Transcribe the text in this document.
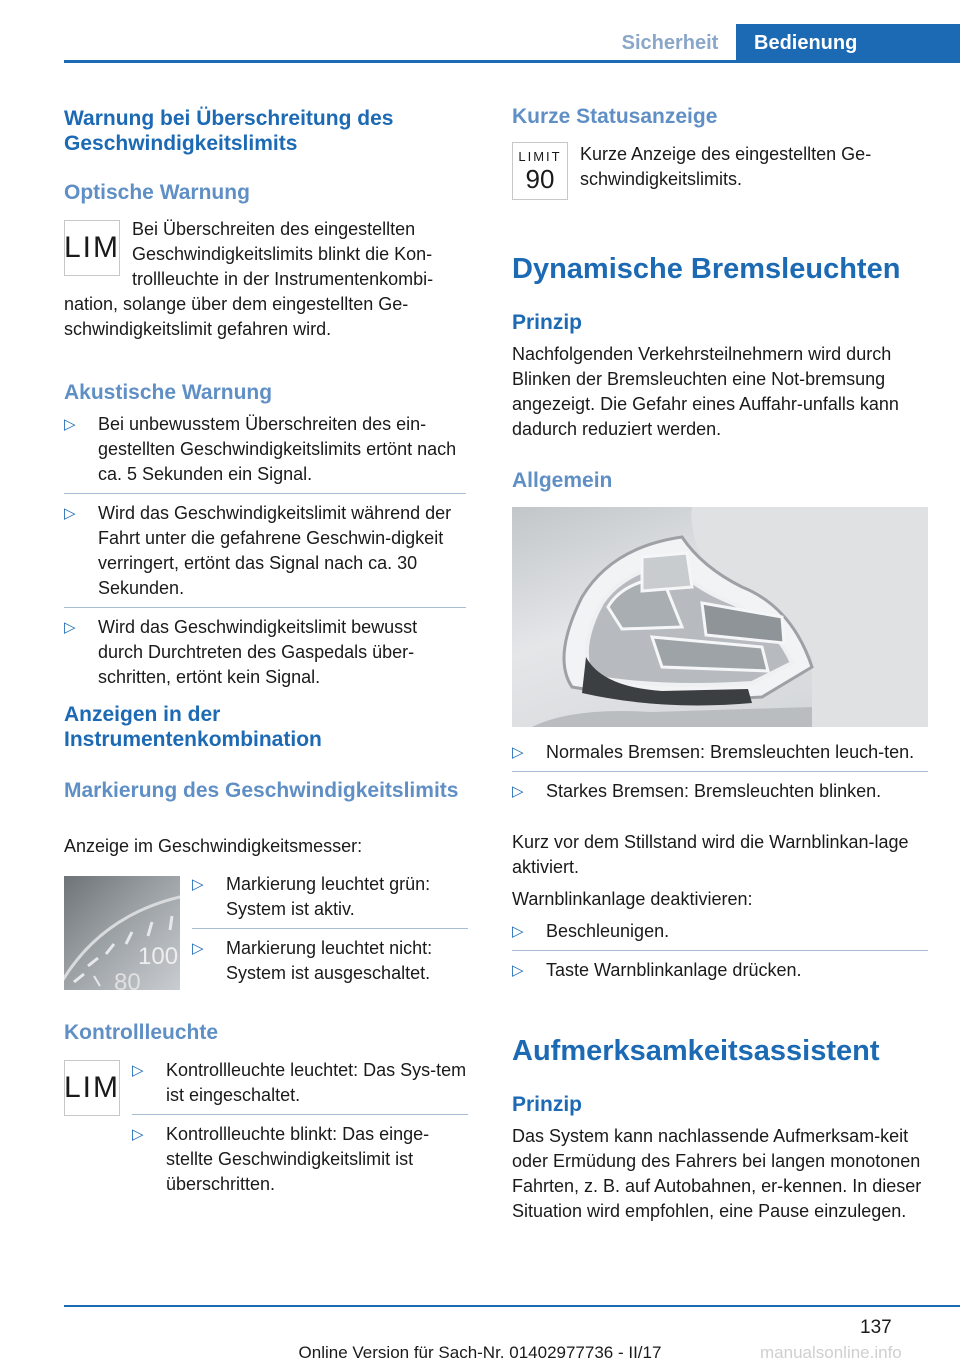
Sicherheit	Bedienung
Warnung bei Überschreitung des Geschwindigkeitslimits
Optische Warnung
LIM
Bei Überschreiten des eingestellten Geschwindigkeitslimits blinkt die Kon-trollleuchte in der Instrumentenkombi-
nation, solange über dem eingestellten Ge-schwindigkeitslimit gefahren wird.
Akustische Warnung
▷ Bei unbewusstem Überschreiten des ein-gestellten Geschwindigkeitslimits ertönt nach ca. 5 Sekunden ein Signal.
▷ Wird das Geschwindigkeitslimit während der Fahrt unter die gefahrene Geschwin-digkeit verringert, ertönt das Signal nach ca. 30 Sekunden.
▷ Wird das Geschwindigkeitslimit bewusst durch Durchtreten des Gaspedals über-schritten, ertönt kein Signal.
Anzeigen in der Instrumentenkombination
Markierung des Geschwindigkeitslimits
Anzeige im Geschwindigkeitsmesser:
100
80
▷ Markierung leuchtet grün: System ist aktiv.
▷ Markierung leuchtet nicht: System ist ausgeschaltet.
Kontrollleuchte
LIM
▷ Kontrollleuchte leuchtet: Das Sys-tem ist eingeschaltet.
▷ Kontrollleuchte blinkt: Das einge-stellte Geschwindigkeitslimit ist überschritten.
Kurze Statusanzeige
LIMIT
90
Kurze Anzeige des eingestellten Ge-schwindigkeitslimits.
Dynamische Bremsleuchten
Prinzip
Nachfolgenden Verkehrsteilnehmern wird durch Blinken der Bremsleuchten eine Not-bremsung angezeigt. Die Gefahr eines Auffahr-unfalls kann dadurch reduziert werden.
Allgemein
▷ Normales Bremsen: Bremsleuchten leuch-ten.
▷ Starkes Bremsen: Bremsleuchten blinken.
Kurz vor dem Stillstand wird die Warnblinkan-lage aktiviert.
Warnblinkanlage deaktivieren:
▷ Beschleunigen.
▷ Taste Warnblinkanlage drücken.
Aufmerksamkeitsassistent
Prinzip
Das System kann nachlassende Aufmerksam-keit oder Ermüdung des Fahrers bei langen monotonen Fahrten, z. B. auf Autobahnen, er-kennen. In dieser Situation wird empfohlen, eine Pause einzulegen.
137
manualsonline.info
Online Version für Sach-Nr. 01402977736 - II/17
